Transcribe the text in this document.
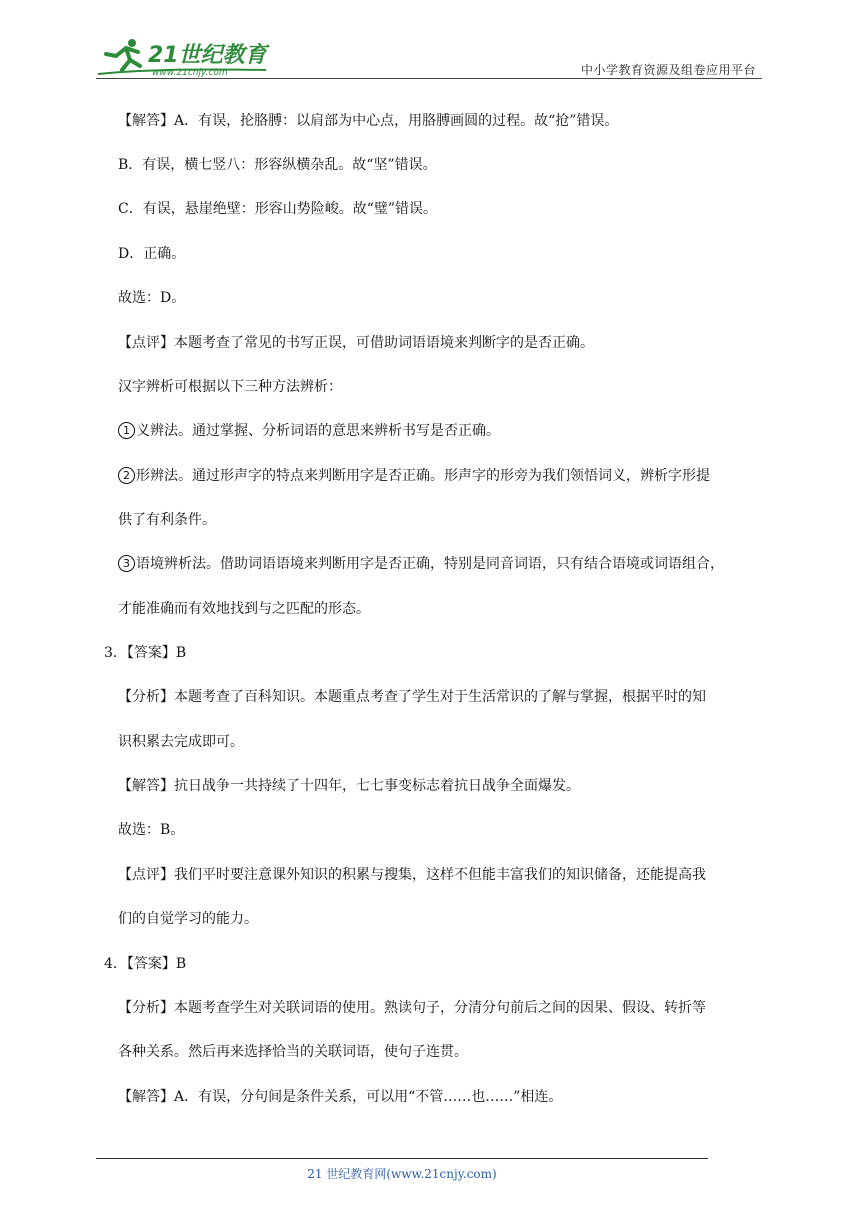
21世纪教育
www.21cnjy.com	中小学教育资源及组卷应用平台
【解答】A．有误，抡胳膊：以肩部为中心点，用胳膊画圆的过程。故“抢”错误。
B．有误，横七竖八：形容纵横杂乱。故“坚”错误。
C．有误，悬崖绝壁：形容山势险峻。故“璧”错误。
D．正确。
故选：D。
【点评】本题考查了常见的书写正误，可借助词语语境来判断字的是否正确。
汉字辨析可根据以下三种方法辨析：
1 义辨法。通过掌握、分析词语的意思来辨析书写是否正确。
2 形辨法。通过形声字的特点来判断用字是否正确。形声字的形旁为我们领悟词义，辨析字形提
供了有利条件。
3 语境辨析法。借助词语语境来判断用字是否正确，特别是同音词语，只有结合语境或词语组合，
才能准确而有效地找到与之匹配的形态。
3．【答案】B
【分析】本题考查了百科知识。本题重点考查了学生对于生活常识的了解与掌握，根据平时的知
识积累去完成即可。
【解答】抗日战争一共持续了十四年，七七事变标志着抗日战争全面爆发。
故选：B。
【点评】我们平时要注意课外知识的积累与搜集，这样不但能丰富我们的知识储备，还能提高我
们的自觉学习的能力。
4．【答案】B
【分析】本题考查学生对关联词语的使用。熟读句子，分清分句前后之间的因果、假设、转折等
各种关系。然后再来选择恰当的关联词语，使句子连贯。
【解答】A．有误，分句间是条件关系，可以用“不管……也……”相连。
21 世纪教育网(www.21cnjy.com)
